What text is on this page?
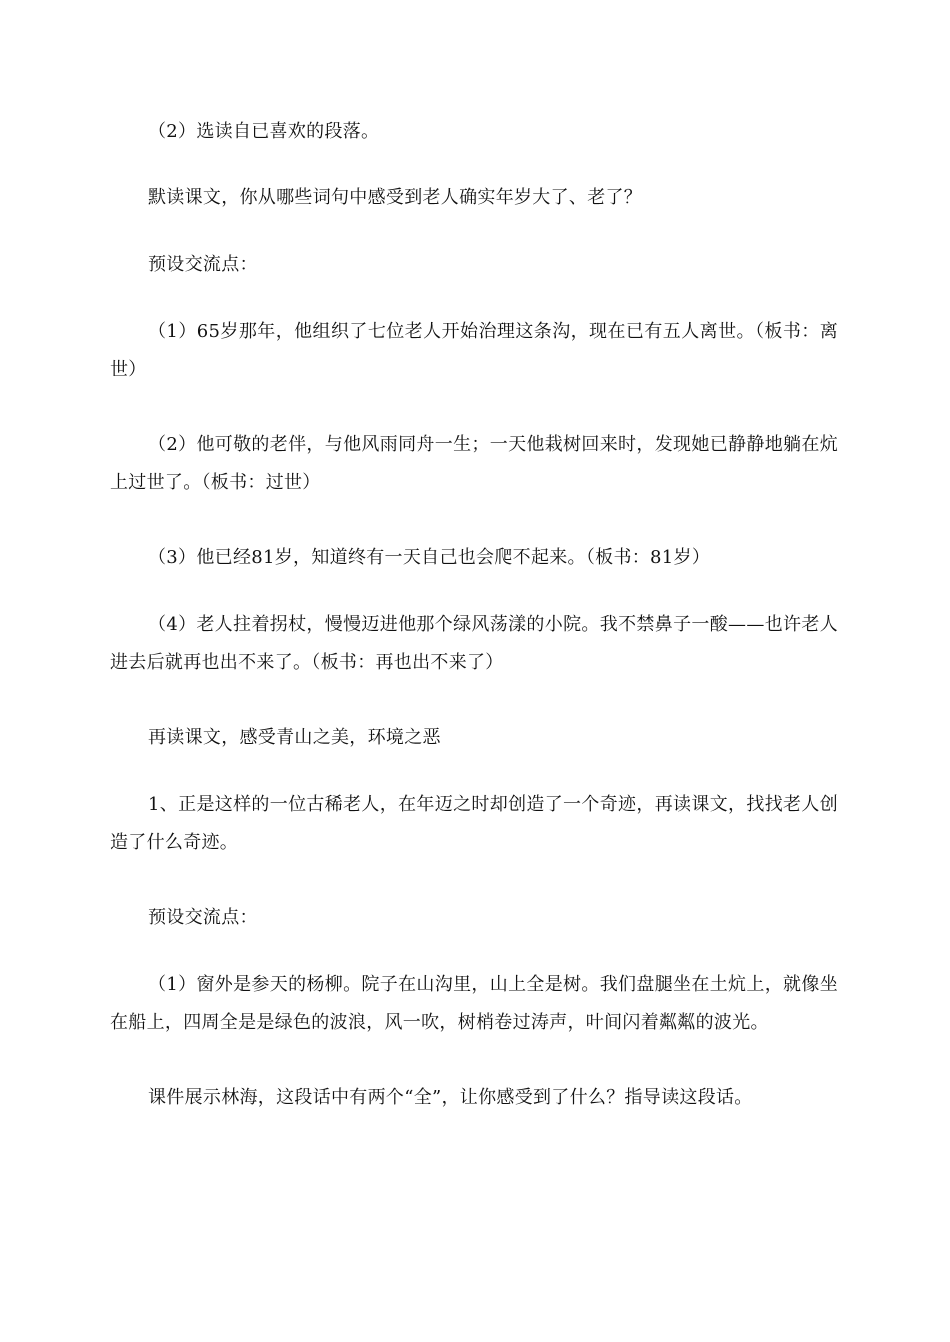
（2）选读自已喜欢的段落。

默读课文，你从哪些词句中感受到老人确实年岁大了、老了？

预设交流点：

（1）65岁那年，他组织了七位老人开始治理这条沟，现在已有五人离世。（板书：离世）

（2）他可敬的老伴，与他风雨同舟一生；一天他栽树回来时，发现她已静静地躺在炕上过世了。（板书：过世）

（3）他已经81岁，知道终有一天自己也会爬不起来。（板书：81岁）

（4）老人拄着拐杖，慢慢迈进他那个绿风荡漾的小院。我不禁鼻子一酸——也许老人进去后就再也出不来了。（板书：再也出不来了）

再读课文，感受青山之美，环境之恶

1、正是这样的一位古稀老人，在年迈之时却创造了一个奇迹，再读课文，找找老人创造了什么奇迹。

预设交流点：

（1）窗外是参天的杨柳。院子在山沟里，山上全是树。我们盘腿坐在土炕上，就像坐在船上，四周全是是绿色的波浪，风一吹，树梢卷过涛声，叶间闪着粼粼的波光。

课件展示林海，这段话中有两个“全”，让你感受到了什么？指导读这段话。
